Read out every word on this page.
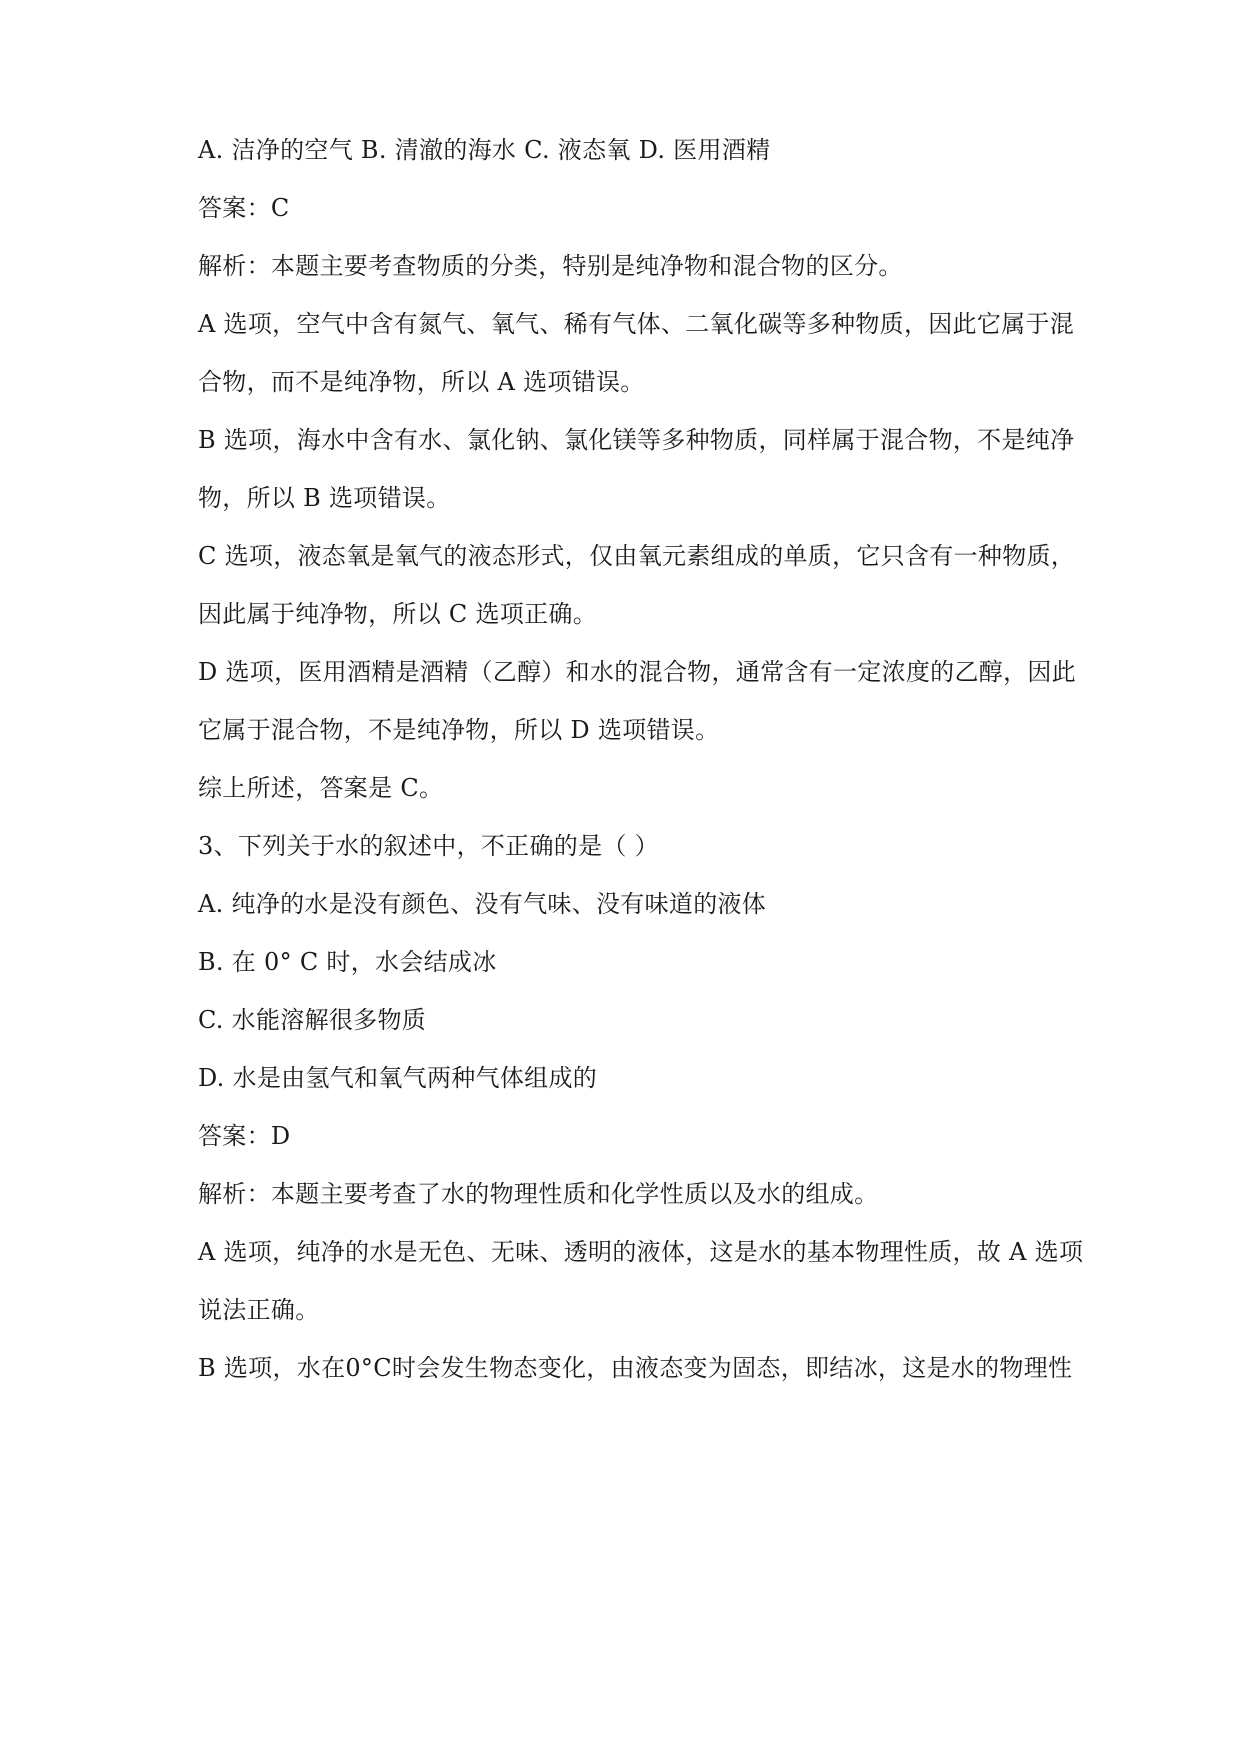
A. 洁净的空气 B. 清澈的海水 C. 液态氧 D. 医用酒精

答案：C

解析：本题主要考查物质的分类，特别是纯净物和混合物的区分。

A 选项，空气中含有氮气、氧气、稀有气体、二氧化碳等多种物质，因此它属于混

合物，而不是纯净物，所以 A 选项错误。

B 选项，海水中含有水、氯化钠、氯化镁等多种物质，同样属于混合物，不是纯净

物，所以 B 选项错误。

C 选项，液态氧是氧气的液态形式，仅由氧元素组成的单质，它只含有一种物质，

因此属于纯净物，所以 C 选项正确。

D 选项，医用酒精是酒精（乙醇）和水的混合物，通常含有一定浓度的乙醇，因此

它属于混合物，不是纯净物，所以 D 选项错误。

综上所述，答案是 C。

3、下列关于水的叙述中，不正确的是（ ）

A. 纯净的水是没有颜色、没有气味、没有味道的液体

B. 在 0° C 时，水会结成冰

C. 水能溶解很多物质

D. 水是由氢气和氧气两种气体组成的

答案：D

解析：本题主要考查了水的物理性质和化学性质以及水的组成。

A 选项，纯净的水是无色、无味、透明的液体，这是水的基本物理性质，故 A 选项

说法正确。

B 选项，水在0°C时会发生物态变化，由液态变为固态，即结冰，这是水的物理性
